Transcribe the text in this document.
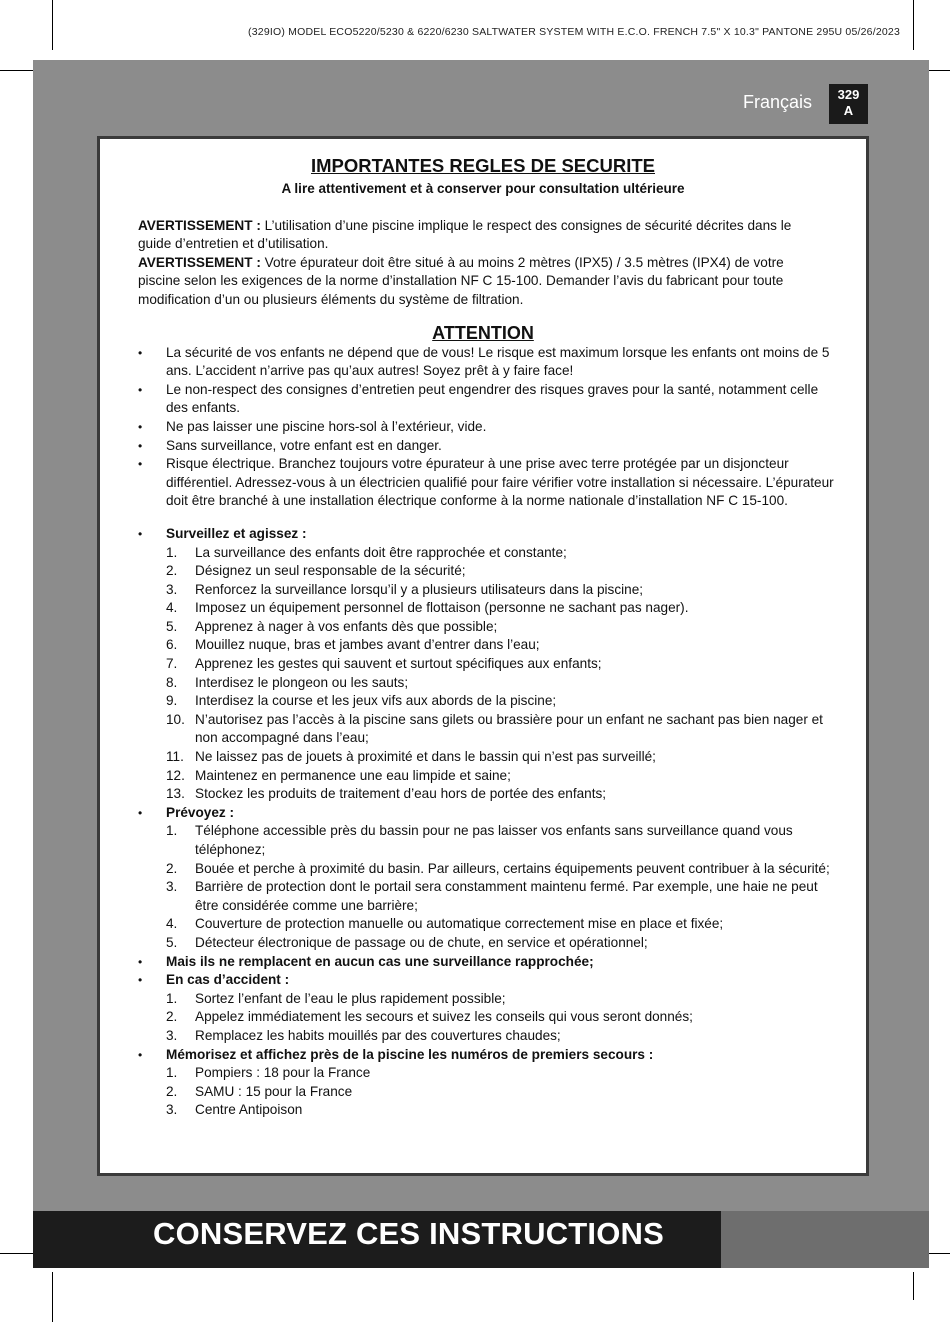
(329IO) MODEL ECO5220/5230 & 6220/6230 SALTWATER SYSTEM WITH E.C.O. FRENCH 7.5" X 10.3" PANTONE 295U 05/26/2023
Français	329
A
IMPORTANTES REGLES DE SECURITE
A lire attentivement et à conserver pour consultation ultérieure
AVERTISSEMENT : L’utilisation d’une piscine implique le respect des consignes de sécurité décrites dans le guide d’entretien et d’utilisation.
AVERTISSEMENT : Votre épurateur doit être situé à au moins 2 mètres (IPX5) / 3.5 mètres (IPX4) de votre piscine selon les exigences de la norme d’installation NF C 15-100. Demander l’avis du fabricant pour toute modification d’un ou plusieurs éléments du système de filtration.
ATTENTION
• La sécurité de vos enfants ne dépend que de vous! Le risque est maximum lorsque les enfants ont moins de 5 ans. L’accident n’arrive pas qu’aux autres! Soyez prêt à y faire face!
• Le non-respect des consignes d’entretien peut engendrer des risques graves pour la santé, notamment celle des enfants.
• Ne pas laisser une piscine hors-sol à l’extérieur, vide.
• Sans surveillance, votre enfant est en danger.
• Risque électrique. Branchez toujours votre épurateur à une prise avec terre protégée par un disjoncteur différentiel. Adressez-vous à un électricien qualifié pour faire vérifier votre installation si nécessaire. L’épurateur doit être branché à une installation électrique conforme à la norme nationale d’installation NF C 15-100.
• Surveillez et agissez :
1. La surveillance des enfants doit être rapprochée et constante;
2. Désignez un seul responsable de la sécurité;
3. Renforcez la surveillance lorsqu’il y a plusieurs utilisateurs dans la piscine;
4. Imposez un équipement personnel de flottaison (personne ne sachant pas nager).
5. Apprenez à nager à vos enfants dès que possible;
6. Mouillez nuque, bras et jambes avant d’entrer dans l’eau;
7. Apprenez les gestes qui sauvent et surtout spécifiques aux enfants;
8. Interdisez le plongeon ou les sauts;
9. Interdisez la course et les jeux vifs aux abords de la piscine;
10. N’autorisez pas l’accès à la piscine sans gilets ou brassière pour un enfant ne sachant pas bien nager et non accompagné dans l’eau;
11. Ne laissez pas de jouets à proximité et dans le bassin qui n’est pas surveillé;
12. Maintenez en permanence une eau limpide et saine;
13. Stockez les produits de traitement d’eau hors de portée des enfants;
• Prévoyez :
1. Téléphone accessible près du bassin pour ne pas laisser vos enfants sans surveillance quand vous téléphonez;
2. Bouée et perche à proximité du basin. Par ailleurs, certains équipements peuvent contribuer à la sécurité;
3. Barrière de protection dont le portail sera constamment maintenu fermé. Par exemple, une haie ne peut être considérée comme une barrière;
4. Couverture de protection manuelle ou automatique correctement mise en place et fixée;
5. Détecteur électronique de passage ou de chute, en service et opérationnel;
• Mais ils ne remplacent en aucun cas une surveillance rapprochée;
• En cas d’accident :
1. Sortez l’enfant de l’eau le plus rapidement possible;
2. Appelez immédiatement les secours et suivez les conseils qui vous seront donnés;
3. Remplacez les habits mouillés par des couvertures chaudes;
• Mémorisez et affichez près de la piscine les numéros de premiers secours :
1. Pompiers : 18 pour la France
2. SAMU : 15 pour la France
3. Centre Antipoison
CONSERVEZ CES INSTRUCTIONS
